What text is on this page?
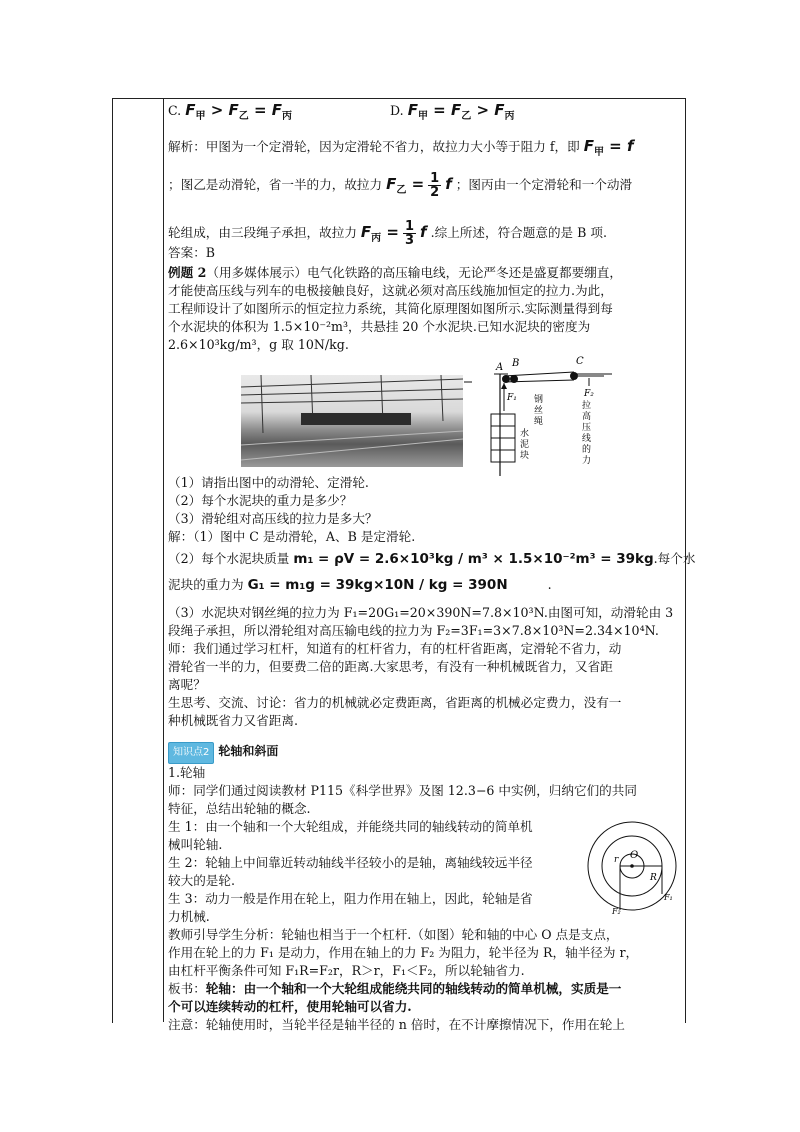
C. $F_甲 > F_乙 = F_丙$	D. $F_甲 = F_乙 > F_丙$
解析：甲图为一个定滑轮，因为定滑轮不省力，故拉力大小等于阻力 f，即 $F_甲 = f$
；图乙是动滑轮，省一半的力，故拉力 $F_乙 = \frac{1}{2}$ f ；图丙由一个定滑轮和一个动滑
轮组成，由三段绳子承担，故拉力 $F_丙 = \frac{1}{3}$ f .综上所述，符合题意的是 B 项.
答案：B
例题 2（用多媒体展示）电气化铁路的高压输电线，无论严冬还是盛夏都要绷直，
才能使高压线与列车的电极接触良好，这就必须对高压线施加恒定的拉力.为此，
工程师设计了如图所示的恒定拉力系统，其简化原理图如图所示.实际测量得到每
个水泥块的体积为 1.5×10⁻²m³，共悬挂 20 个水泥块.已知水泥块的密度为
2.6×10³kg/m³，g 取 10N/kg.
A B	C
F₁	F₂
钢
丝
绳
水
泥
块
拉
高
压
线
的
力
（1）请指出图中的动滑轮、定滑轮.
（2）每个水泥块的重力是多少？
（3）滑轮组对高压线的拉力是多大？
解：（1）图中 C 是动滑轮，A、B 是定滑轮.
（2）每个水泥块质量 m₁ = ρV = 2.6×10³kg / m³ × 1.5×10⁻²m³ = 39kg.每个水
泥块的重力为 G₁ = m₁g = 39kg×10N / kg = 390N	.
（3）水泥块对钢丝绳的拉力为 F₁=20G₁=20×390N=7.8×10³N.由图可知，动滑轮由 3
段绳子承担，所以滑轮组对高压输电线的拉力为 F₂=3F₁=3×7.8×10³N=2.34×10⁴N.
师：我们通过学习杠杆，知道有的杠杆省力，有的杠杆省距离，定滑轮不省力，动
滑轮省一半的力，但要费二倍的距离.大家思考，有没有一种机械既省力，又省距
离呢？
生思考、交流、讨论：省力的机械就必定费距离，省距离的机械必定费力，没有一
种机械既省力又省距离.
知识点2 轮轴和斜面
1.轮轴
师：同学们通过阅读教材 P115《科学世界》及图 12.3−6 中实例，归纳它们的共同
特征，总结出轮轴的概念.
生 1：由一个轴和一个大轮组成，并能绕共同的轴线转动的简单机
械叫轮轴.
生 2：轮轴上中间靠近转动轴线半径较小的是轴，离轴线较远半径
较大的是轮.
生 3：动力一般是作用在轮上，阻力作用在轴上，因此，轮轴是省
力机械.
教师引导学生分析：轮轴也相当于一个杠杆.（如图）轮和轴的中心 O 点是支点，
作用在轮上的力 F₁ 是动力，作用在轴上的力 F₂ 为阻力，轮半径为 R，轴半径为 r，
由杠杆平衡条件可知 F₁R=F₂r，R＞r，F₁＜F₂，所以轮轴省力.
板书：轮轴：由一个轴和一个大轮组成能绕共同的轴线转动的简单机械，实质是一
个可以连续转动的杠杆，使用轮轴可以省力.
注意：轮轴使用时，当轮半径是轴半径的 n 倍时，在不计摩擦情况下，作用在轮上
r O
R
F₁
F₂
